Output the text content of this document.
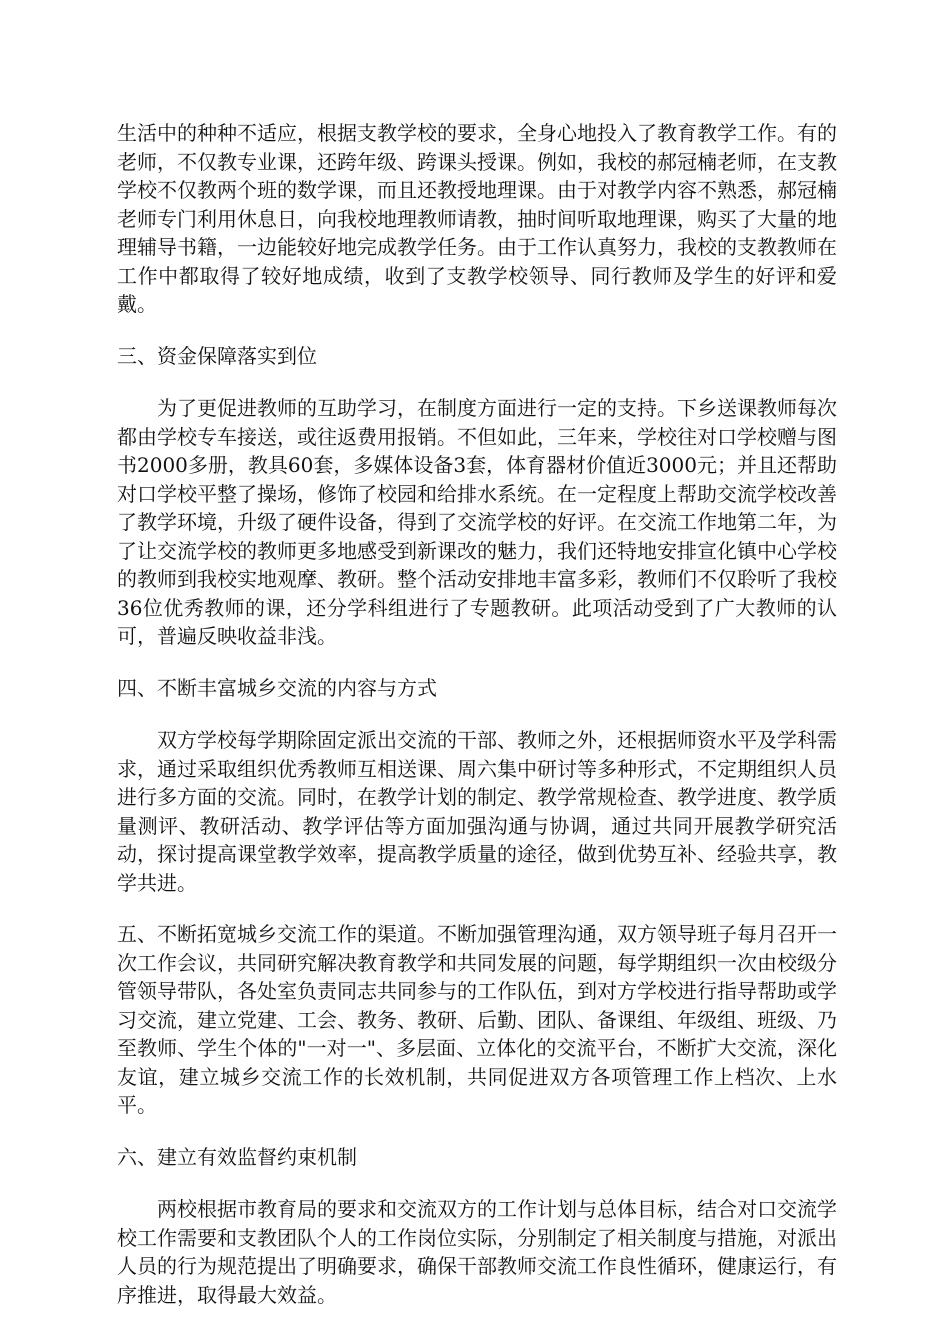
生活中的种种不适应，根据支教学校的要求，全身心地投入了教育教学工作。有的老师，不仅教专业课，还跨年级、跨课头授课。例如，我校的郝冠楠老师，在支教学校不仅教两个班的数学课，而且还教授地理课。由于对教学内容不熟悉，郝冠楠老师专门利用休息日，向我校地理教师请教，抽时间听取地理课，购买了大量的地理辅导书籍，一边能较好地完成教学任务。由于工作认真努力，我校的支教教师在工作中都取得了较好地成绩，收到了支教学校领导、同行教师及学生的好评和爱戴。

三、资金保障落实到位

为了更促进教师的互助学习，在制度方面进行一定的支持。下乡送课教师每次都由学校专车接送，或往返费用报销。不但如此，三年来，学校往对口学校赠与图书2000多册，教具60套，多媒体设备3套，体育器材价值近3000元；并且还帮助对口学校平整了操场，修饰了校园和给排水系统。在一定程度上帮助交流学校改善了教学环境，升级了硬件设备，得到了交流学校的好评。在交流工作地第二年，为了让交流学校的教师更多地感受到新课改的魅力，我们还特地安排宣化镇中心学校的教师到我校实地观摩、教研。整个活动安排地丰富多彩，教师们不仅聆听了我校36位优秀教师的课，还分学科组进行了专题教研。此项活动受到了广大教师的认可，普遍反映收益非浅。

四、不断丰富城乡交流的内容与方式

双方学校每学期除固定派出交流的干部、教师之外，还根据师资水平及学科需求，通过采取组织优秀教师互相送课、周六集中研讨等多种形式，不定期组织人员进行多方面的交流。同时，在教学计划的制定、教学常规检查、教学进度、教学质量测评、教研活动、教学评估等方面加强沟通与协调，通过共同开展教学研究活动，探讨提高课堂教学效率，提高教学质量的途径，做到优势互补、经验共享，教学共进。

五、不断拓宽城乡交流工作的渠道。不断加强管理沟通，双方领导班子每月召开一次工作会议，共同研究解决教育教学和共同发展的问题，每学期组织一次由校级分管领导带队，各处室负责同志共同参与的工作队伍，到对方学校进行指导帮助或学习交流，建立党建、工会、教务、教研、后勤、团队、备课组、年级组、班级、乃至教师、学生个体的"一对一"、多层面、立体化的交流平台，不断扩大交流，深化友谊，建立城乡交流工作的长效机制，共同促进双方各项管理工作上档次、上水平。

六、建立有效监督约束机制

两校根据市教育局的要求和交流双方的工作计划与总体目标，结合对口交流学校工作需要和支教团队个人的工作岗位实际，分别制定了相关制度与措施，对派出人员的行为规范提出了明确要求，确保干部教师交流工作良性循环，健康运行，有序推进，取得最大效益。
